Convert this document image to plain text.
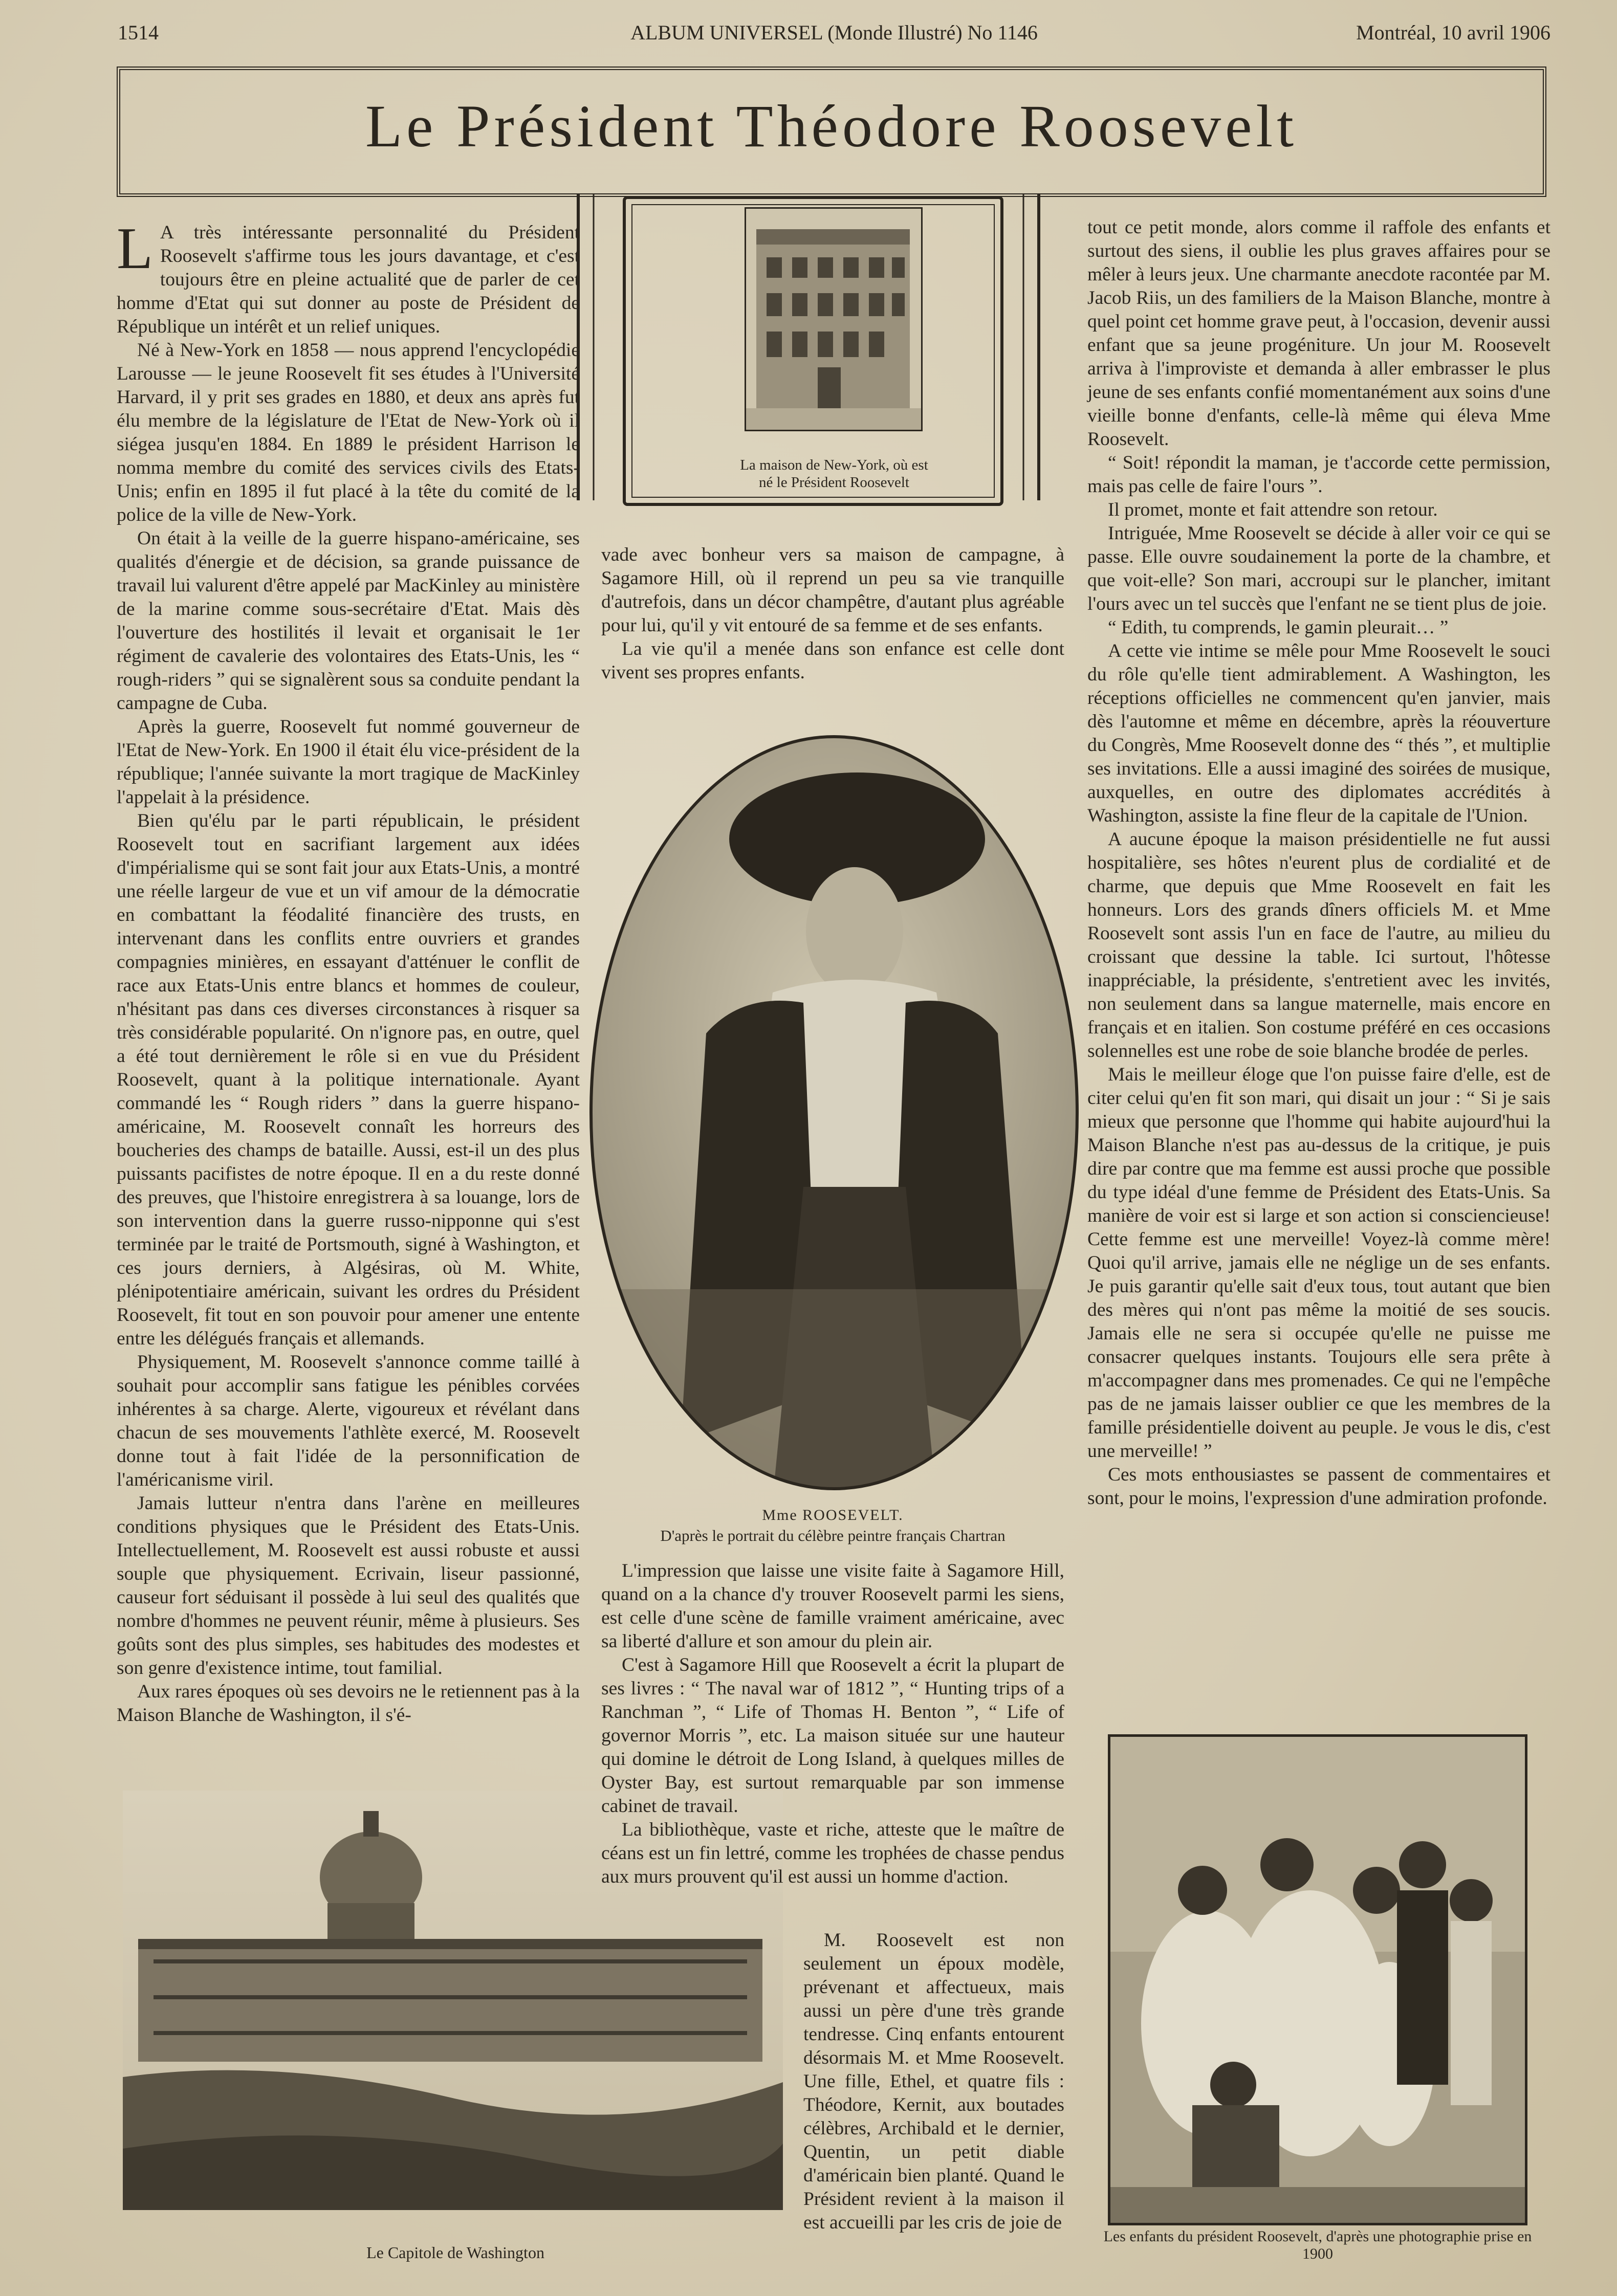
1514	ALBUM UNIVERSEL (Monde Illustré) No 1146	Montréal, 10 avril 1906
Le Président Théodore Roosevelt
La maison de New-York, où est né le Président Roosevelt

L A très intéressante personnalité du Président Roosevelt s'affirme tous les jours davantage, et c'est toujours être en pleine actualité que de parler de cet homme d'Etat qui sut donner au poste de Président de République un intérêt et un relief uniques.

Né à New-York en 1858 — nous apprend l'encyclopédie Larousse — le jeune Roosevelt fit ses études à l'Université Harvard, il y prit ses grades en 1880, et deux ans après fut élu membre de la législature de l'Etat de New-York où il siégea jusqu'en 1884. En 1889 le président Harrison le nomma membre du comité des services civils des Etats-Unis; enfin en 1895 il fut placé à la tête du comité de la police de la ville de New-York.

On était à la veille de la guerre hispano-américaine, ses qualités d'énergie et de décision, sa grande puissance de travail lui valurent d'être appelé par MacKinley au ministère de la marine comme sous-secrétaire d'Etat. Mais dès l'ouverture des hostilités il levait et organisait le 1er régiment de cavalerie des volontaires des Etats-Unis, les “ rough-riders ” qui se signalèrent sous sa conduite pendant la campagne de Cuba.

Après la guerre, Roosevelt fut nommé gouverneur de l'Etat de New-York. En 1900 il était élu vice-président de la république; l'année suivante la mort tragique de MacKinley l'appelait à la présidence.

Bien qu'élu par le parti républicain, le président Roosevelt tout en sacrifiant largement aux idées d'impérialisme qui se sont fait jour aux Etats-Unis, a montré une réelle largeur de vue et un vif amour de la démocratie en combattant la féodalité financière des trusts, en intervenant dans les conflits entre ouvriers et grandes compagnies minières, en essayant d'atténuer le conflit de race aux Etats-Unis entre blancs et hommes de couleur, n'hésitant pas dans ces diverses circonstances à risquer sa très considérable popularité. On n'ignore pas, en outre, quel a été tout dernièrement le rôle si en vue du Président Roosevelt, quant à la politique internationale. Ayant commandé les “ Rough riders ” dans la guerre hispano-américaine, M. Roosevelt connaît les horreurs des boucheries des champs de bataille. Aussi, est-il un des plus puissants pacifistes de notre époque. Il en a du reste donné des preuves, que l'histoire enregistrera à sa louange, lors de son intervention dans la guerre russo-nipponne qui s'est terminée par le traité de Portsmouth, signé à Washington, et ces jours derniers, à Algésiras, où M. White, plénipotentiaire américain, suivant les ordres du Président Roosevelt, fit tout en son pouvoir pour amener une entente entre les délégués français et allemands.

Physiquement, M. Roosevelt s'annonce comme taillé à souhait pour accomplir sans fatigue les pénibles corvées inhérentes à sa charge. Alerte, vigoureux et révélant dans chacun de ses mouvements l'athlète exercé, M. Roosevelt donne tout à fait l'idée de la personnification de l'américanisme viril.

Jamais lutteur n'entra dans l'arène en meilleures conditions physiques que le Président des Etats-Unis. Intellectuellement, M. Roosevelt est aussi robuste et aussi souple que physiquement. Ecrivain, liseur passionné, causeur fort séduisant il possède à lui seul des qualités que nombre d'hommes ne peuvent réunir, même à plusieurs. Ses goûts sont des plus simples, ses habitudes des modestes et son genre d'existence intime, tout familial.

Aux rares époques où ses devoirs ne le retiennent pas à la Maison Blanche de Washington, il s'é-

Le Capitole de Washington

vade avec bonheur vers sa maison de campagne, à Sagamore Hill, où il reprend un peu sa vie tranquille d'autrefois, dans un décor champêtre, d'autant plus agréable pour lui, qu'il y vit entouré de sa femme et de ses enfants.

La vie qu'il a menée dans son enfance est celle dont vivent ses propres enfants.

Mme ROOSEVELT.
D'après le portrait du célèbre peintre français Chartran

L'impression que laisse une visite faite à Sagamore Hill, quand on a la chance d'y trouver Roosevelt parmi les siens, est celle d'une scène de famille vraiment américaine, avec sa liberté d'allure et son amour du plein air.

C'est à Sagamore Hill que Roosevelt a écrit la plupart de ses livres : “ The naval war of 1812 ”, “ Hunting trips of a Ranchman ”, “ Life of Thomas H. Benton ”, “ Life of governor Morris ”, etc. La maison située sur une hauteur qui domine le détroit de Long Island, à quelques milles de Oyster Bay, est surtout remarquable par son immense cabinet de travail.

La bibliothèque, vaste et riche, atteste que le maître de céans est un fin lettré, comme les trophées de chasse pendus aux murs prouvent qu'il est aussi un homme d'action.

M. Roosevelt est non seulement un époux modèle, prévenant et affectueux, mais aussi un père d'une très grande tendresse. Cinq enfants entourent désormais M. et Mme Roosevelt. Une fille, Ethel, et quatre fils : Théodore, Kernit, aux boutades célèbres, Archibald et le dernier, Quentin, un petit diable d'américain bien planté. Quand le Président revient à la maison il est accueilli par les cris de joie de

tout ce petit monde, alors comme il raffole des enfants et surtout des siens, il oublie les plus graves affaires pour se mêler à leurs jeux. Une charmante anecdote racontée par M. Jacob Riis, un des familiers de la Maison Blanche, montre à quel point cet homme grave peut, à l'occasion, devenir aussi enfant que sa jeune progéniture. Un jour M. Roosevelt arriva à l'improviste et demanda à aller embrasser le plus jeune de ses enfants confié momentanément aux soins d'une vieille bonne d'enfants, celle-là même qui éleva Mme Roosevelt.

“ Soit! répondit la maman, je t'accorde cette permission, mais pas celle de faire l'ours ”.

Il promet, monte et fait attendre son retour.

Intriguée, Mme Roosevelt se décide à aller voir ce qui se passe. Elle ouvre soudainement la porte de la chambre, et que voit-elle? Son mari, accroupi sur le plancher, imitant l'ours avec un tel succès que l'enfant ne se tient plus de joie.

“ Edith, tu comprends, le gamin pleurait… ”

A cette vie intime se mêle pour Mme Roosevelt le souci du rôle qu'elle tient admirablement. A Washington, les réceptions officielles ne commencent qu'en janvier, mais dès l'automne et même en décembre, après la réouverture du Congrès, Mme Roosevelt donne des “ thés ”, et multiplie ses invitations. Elle a aussi imaginé des soirées de musique, auxquelles, en outre des diplomates accrédités à Washington, assiste la fine fleur de la capitale de l'Union.

A aucune époque la maison présidentielle ne fut aussi hospitalière, ses hôtes n'eurent plus de cordialité et de charme, que depuis que Mme Roosevelt en fait les honneurs. Lors des grands dîners officiels M. et Mme Roosevelt sont assis l'un en face de l'autre, au milieu du croissant que dessine la table. Ici surtout, l'hôtesse inappréciable, la présidente, s'entretient avec les invités, non seulement dans sa langue maternelle, mais encore en français et en italien. Son costume préféré en ces occasions solennelles est une robe de soie blanche brodée de perles.

Mais le meilleur éloge que l'on puisse faire d'elle, est de citer celui qu'en fit son mari, qui disait un jour : “ Si je sais mieux que personne que l'homme qui habite aujourd'hui la Maison Blanche n'est pas au-dessus de la critique, je puis dire par contre que ma femme est aussi proche que possible du type idéal d'une femme de Président des Etats-Unis. Sa manière de voir est si large et son action si consciencieuse! Cette femme est une merveille! Voyez-là comme mère! Quoi qu'il arrive, jamais elle ne néglige un de ses enfants. Je puis garantir qu'elle sait d'eux tous, tout autant que bien des mères qui n'ont pas même la moitié de ses soucis. Jamais elle ne sera si occupée qu'elle ne puisse me consacrer quelques instants. Toujours elle sera prête à m'accompagner dans mes promenades. Ce qui ne l'empêche pas de ne jamais laisser oublier ce que les membres de la famille présidentielle doivent au peuple. Je vous le dis, c'est une merveille! ”

Ces mots enthousiastes se passent de commentaires et sont, pour le moins, l'expression d'une admiration profonde.

Les enfants du président Roosevelt, d'après une photographie prise en 1900
